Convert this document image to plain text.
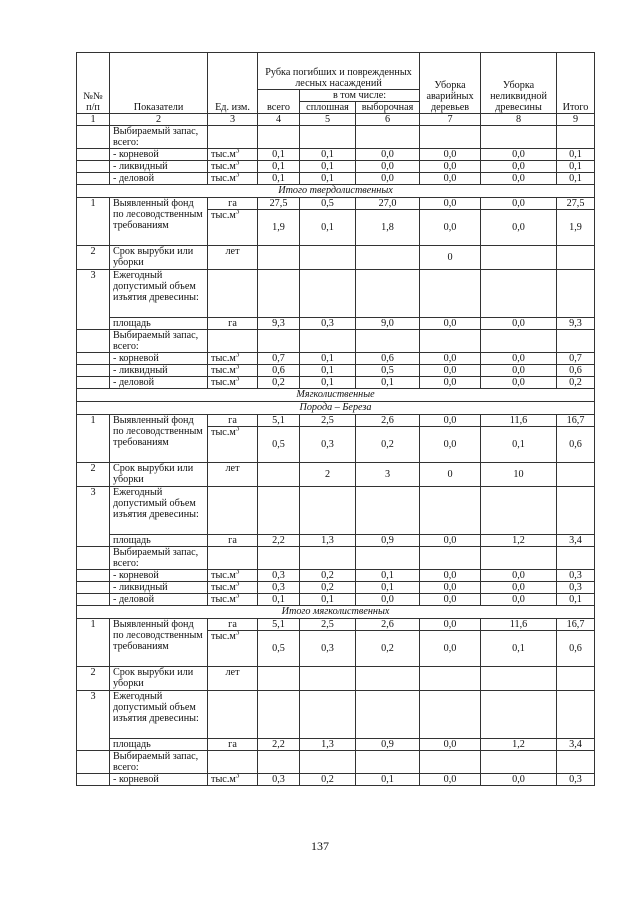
№№ п/п	Показатели	Ед. изм.	Рубка погибших и поврежденных лесных насаждений			Уборка аварийных деревьев	Уборка неликвидной древесины	Итого
			всего	в том числе:				
				сплошная	выборочная			
1	2	3	4	5	6	7	8	9
	Выбираемый запас, всего:							
	- корневой	$тыс.м^3$	0,1	0,1	0,0	0,0	0,0	0,1
	- ликвидный	$тыс.м^3$	0,1	0,1	0,0	0,0	0,0	0,1
	- деловой	$тыс.м^3$	0,1	0,1	0,0	0,0	0,0	0,1
Итого твердолиственных								
1	Выявленный фонд по лесоводственным требованиям	га	27,5	0,5	27,0	0,0	0,0	27,5
		$тыс.м^3$	1,9	0,1	1,8	0,0	0,0	1,9
2	Срок вырубки или уборки	лет				0		
3	Ежегодный допустимый объем изъятия древесины:							
	площадь	га	9,3	0,3	9,0	0,0	0,0	9,3
	Выбираемый запас, всего:							
	- корневой	$тыс.м^3$	0,7	0,1	0,6	0,0	0,0	0,7
	- ликвидный	$тыс.м^3$	0,6	0,1	0,5	0,0	0,0	0,6
	- деловой	$тыс.м^3$	0,2	0,1	0,1	0,0	0,0	0,2
Мягколиственные								
Порода – Береза								
1	Выявленный фонд по лесоводственным требованиям	га	5,1	2,5	2,6	0,0	11,6	16,7
		$тыс.м^3$	0,5	0,3	0,2	0,0	0,1	0,6
2	Срок вырубки или уборки	лет		2	3	0	10	
3	Ежегодный допустимый объем изъятия древесины:							
	площадь	га	2,2	1,3	0,9	0,0	1,2	3,4
	Выбираемый запас, всего:							
	- корневой	$тыс.м^3$	0,3	0,2	0,1	0,0	0,0	0,3
	- ликвидный	$тыс.м^3$	0,3	0,2	0,1	0,0	0,0	0,3
	- деловой	$тыс.м^3$	0,1	0,1	0,0	0,0	0,0	0,1
Итого мягколиственных								
1	Выявленный фонд по лесоводственным требованиям	га	5,1	2,5	2,6	0,0	11,6	16,7
		$тыс.м^3$	0,5	0,3	0,2	0,0	0,1	0,6
2	Срок вырубки или уборки	лет						
3	Ежегодный допустимый объем изъятия древесины:							
	площадь	га	2,2	1,3	0,9	0,0	1,2	3,4
	Выбираемый запас, всего:							
	- корневой	$тыс.м^3$	0,3	0,2	0,1	0,0	0,0	0,3
137
